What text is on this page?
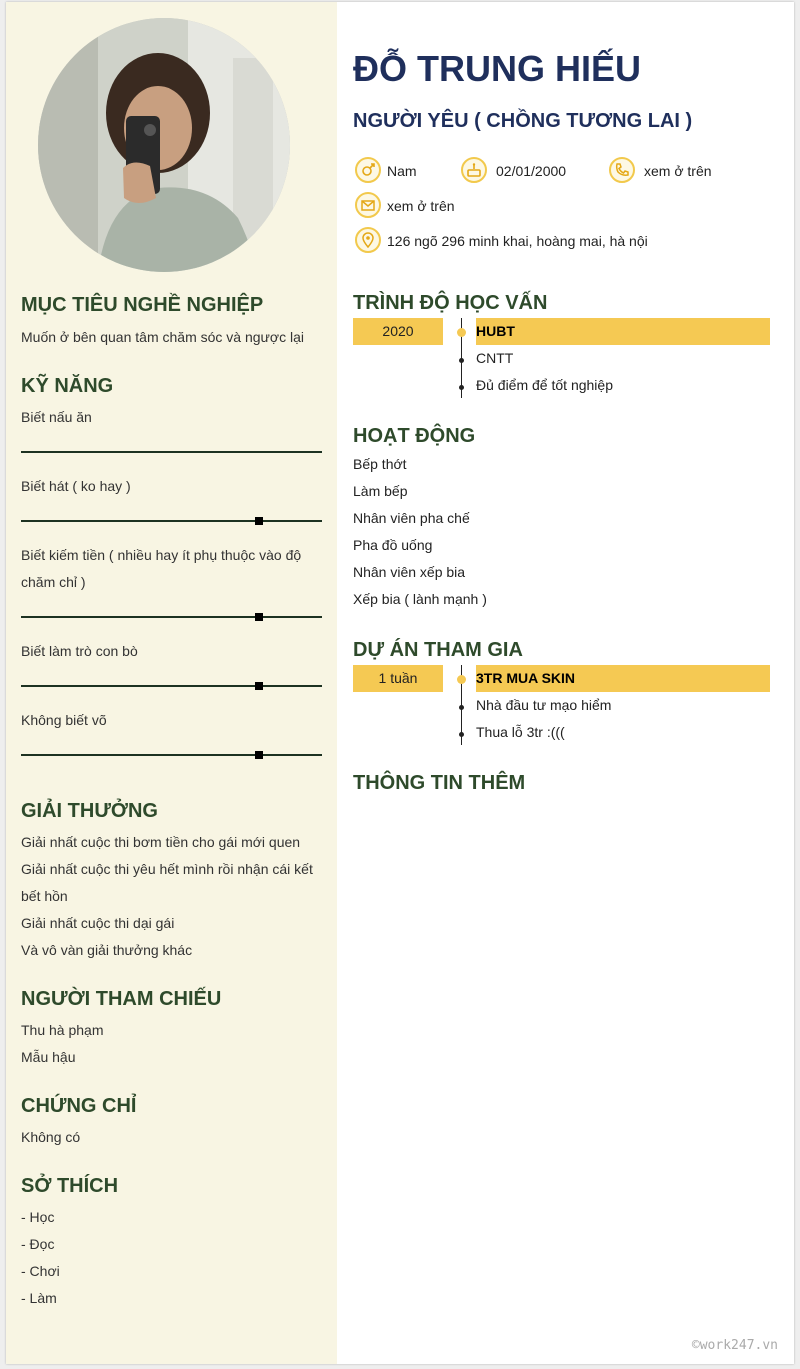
MỤC TIÊU NGHỀ NGHIỆP
Muốn ở bên quan tâm chăm sóc và ngược lại
KỸ NĂNG
Biết nấu ăn
Biết hát ( ko hay )
Biết kiếm tiền ( nhiều hay ít phụ thuộc vào độ
chăm chỉ )
Biết làm trò con bò
Không biết võ
GIẢI THƯỞNG
Giải nhất cuộc thi bơm tiền cho gái mới quen
Giải nhất cuộc thi yêu hết mình rồi nhận cái kết
bết hồn
Giải nhất cuộc thi dại gái
Và vô vàn giải thưởng khác
NGƯỜI THAM CHIẾU
Thu hà phạm
Mẫu hậu
CHỨNG CHỈ
Không có
SỞ THÍCH
- Học
- Đọc
- Chơi
- Làm
ĐỖ TRUNG HIẾU
NGƯỜI YÊU ( CHỒNG TƯƠNG LAI )
Nam	02/01/2000	xem ở trên
xem ở trên
126 ngõ 296 minh khai, hoàng mai, hà nội
TRÌNH ĐỘ HỌC VẤN
2020	HUBT
CNTT
Đủ điểm để tốt nghiệp
HOẠT ĐỘNG
Bếp thớt
Làm bếp
Nhân viên pha chế
Pha đồ uống
Nhân viên xếp bia
Xếp bia ( lành mạnh )
DỰ ÁN THAM GIA
1 tuần	3TR MUA SKIN
Nhà đầu tư mạo hiểm
Thua lỗ 3tr :(((
THÔNG TIN THÊM
©work247.vn
